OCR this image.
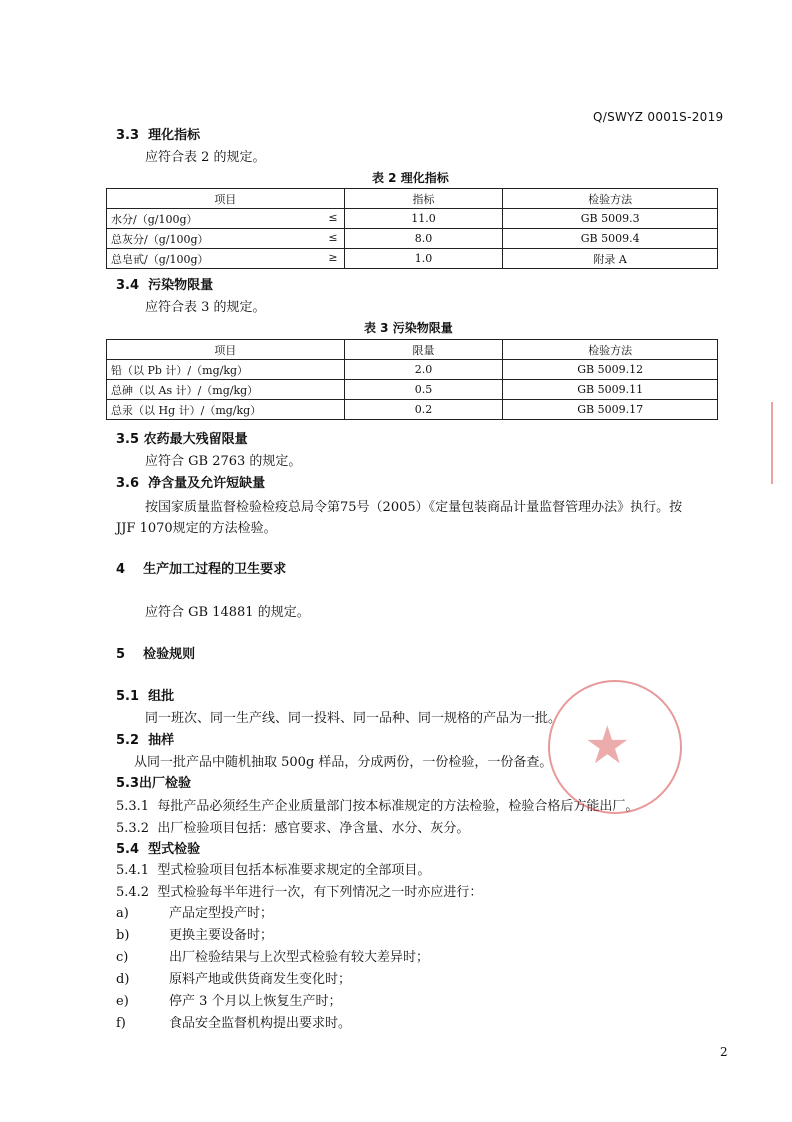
Q/SWYZ 0001S-2019
3.3 理化指标
应符合表 2 的规定。
表 2 理化指标
项目	指标	检验方法
水分/（g/100g） ≤	11.0	GB 5009.3
总灰分/（g/100g） ≤	8.0	GB 5009.4
总皂甙/（g/100g） ≥	1.0	附录 A
3.4 污染物限量
应符合表 3 的规定。
表 3 污染物限量
项目	限量	检验方法
铅（以 Pb 计）/（mg/kg）	2.0	GB 5009.12
总砷（以 As 计）/（mg/kg）	0.5	GB 5009.11
总汞（以 Hg 计）/（mg/kg）	0.2	GB 5009.17
3.5 农药最大残留限量
应符合 GB 2763 的规定。
3.6 净含量及允许短缺量
按国家质量监督检验检疫总局令第75号（2005）《定量包装商品计量监督管理办法》执行。按
JJF 1070规定的方法检验。
4 生产加工过程的卫生要求
应符合 GB 14881 的规定。
5 检验规则
5.1 组批
同一班次、同一生产线、同一投料、同一品种、同一规格的产品为一批。
5.2 抽样
从同一批产品中随机抽取 500g 样品，分成两份，一份检验，一份备查。
5.3出厂检验
5.3.1 每批产品必须经生产企业质量部门按本标准规定的方法检验，检验合格后方能出厂。
5.3.2 出厂检验项目包括：感官要求、净含量、水分、灰分。
5.4 型式检验
5.4.1 型式检验项目包括本标准要求规定的全部项目。
5.4.2 型式检验每半年进行一次，有下列情况之一时亦应进行：
a)	产品定型投产时；
b)	更换主要设备时；
c)	出厂检验结果与上次型式检验有较大差异时；
d)	原料产地或供货商发生变化时；
e)	停产 3 个月以上恢复生产时；
f)	食品安全监督机构提出要求时。
2
★
